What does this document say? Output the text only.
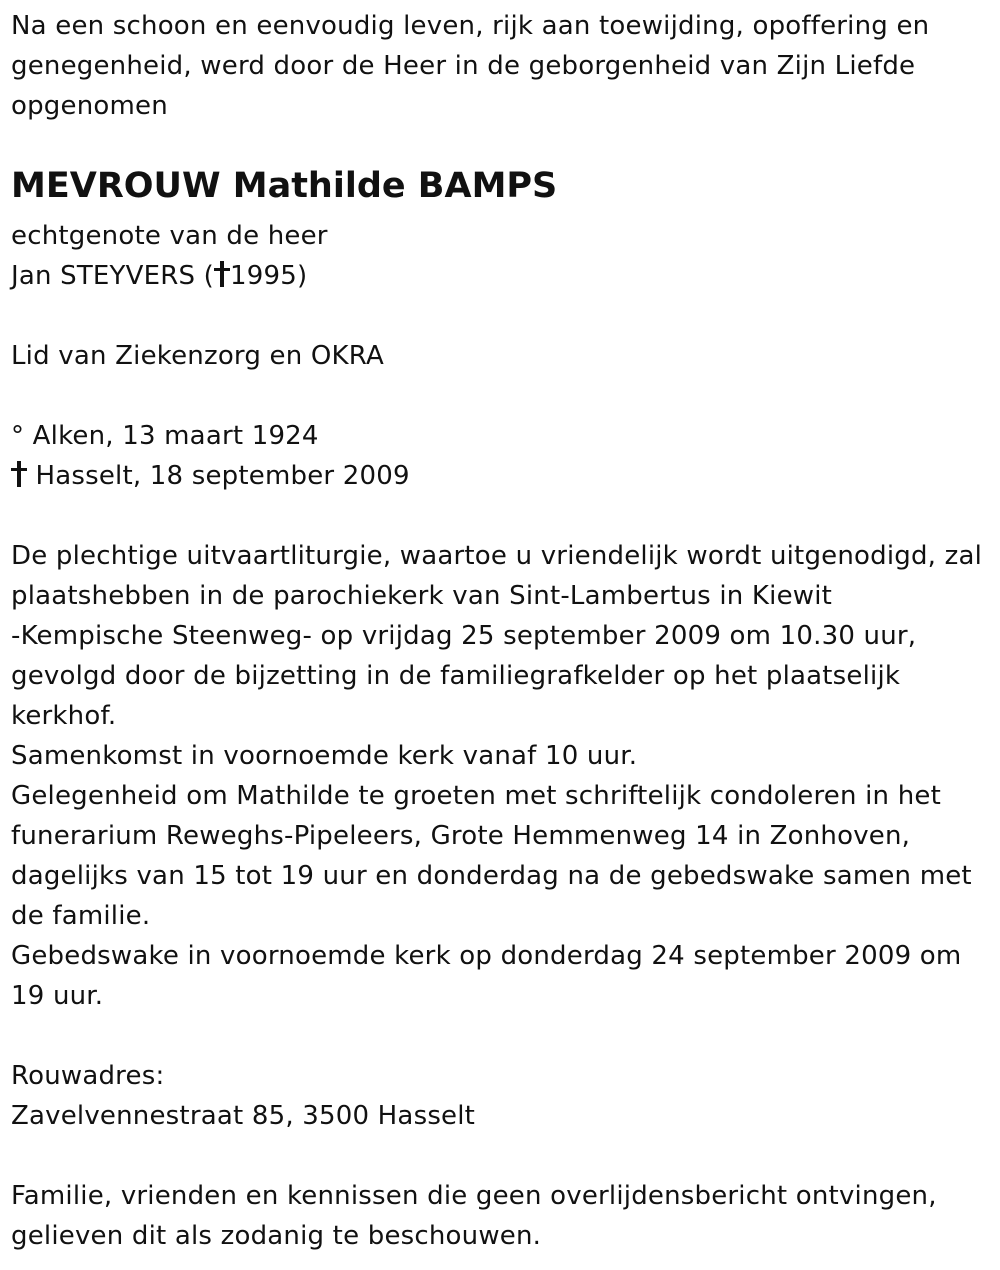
Na een schoon en eenvoudig leven, rijk aan toewijding, opoffering en
genegenheid, werd door de Heer in de geborgenheid van Zijn Liefde
opgenomen
MEVROUW Mathilde BAMPS
echtgenote van de heer
Jan STEYVERS ( 1995)
Lid van Ziekenzorg en OKRA
° Alken, 13 maart 1924
Hasselt, 18 september 2009
De plechtige uitvaartliturgie, waartoe u vriendelijk wordt uitgenodigd, zal
plaatshebben in de parochiekerk van Sint-Lambertus in Kiewit
-Kempische Steenweg- op vrijdag 25 september 2009 om 10.30 uur,
gevolgd door de bijzetting in de familiegrafkelder op het plaatselijk
kerkhof.
Samenkomst in voornoemde kerk vanaf 10 uur.
Gelegenheid om Mathilde te groeten met schriftelijk condoleren in het
funerarium Reweghs-Pipeleers, Grote Hemmenweg 14 in Zonhoven,
dagelijks van 15 tot 19 uur en donderdag na de gebedswake samen met
de familie.
Gebedswake in voornoemde kerk op donderdag 24 september 2009 om
19 uur.
Rouwadres:
Zavelvennestraat 85, 3500 Hasselt
Familie, vrienden en kennissen die geen overlijdensbericht ontvingen,
gelieven dit als zodanig te beschouwen.
